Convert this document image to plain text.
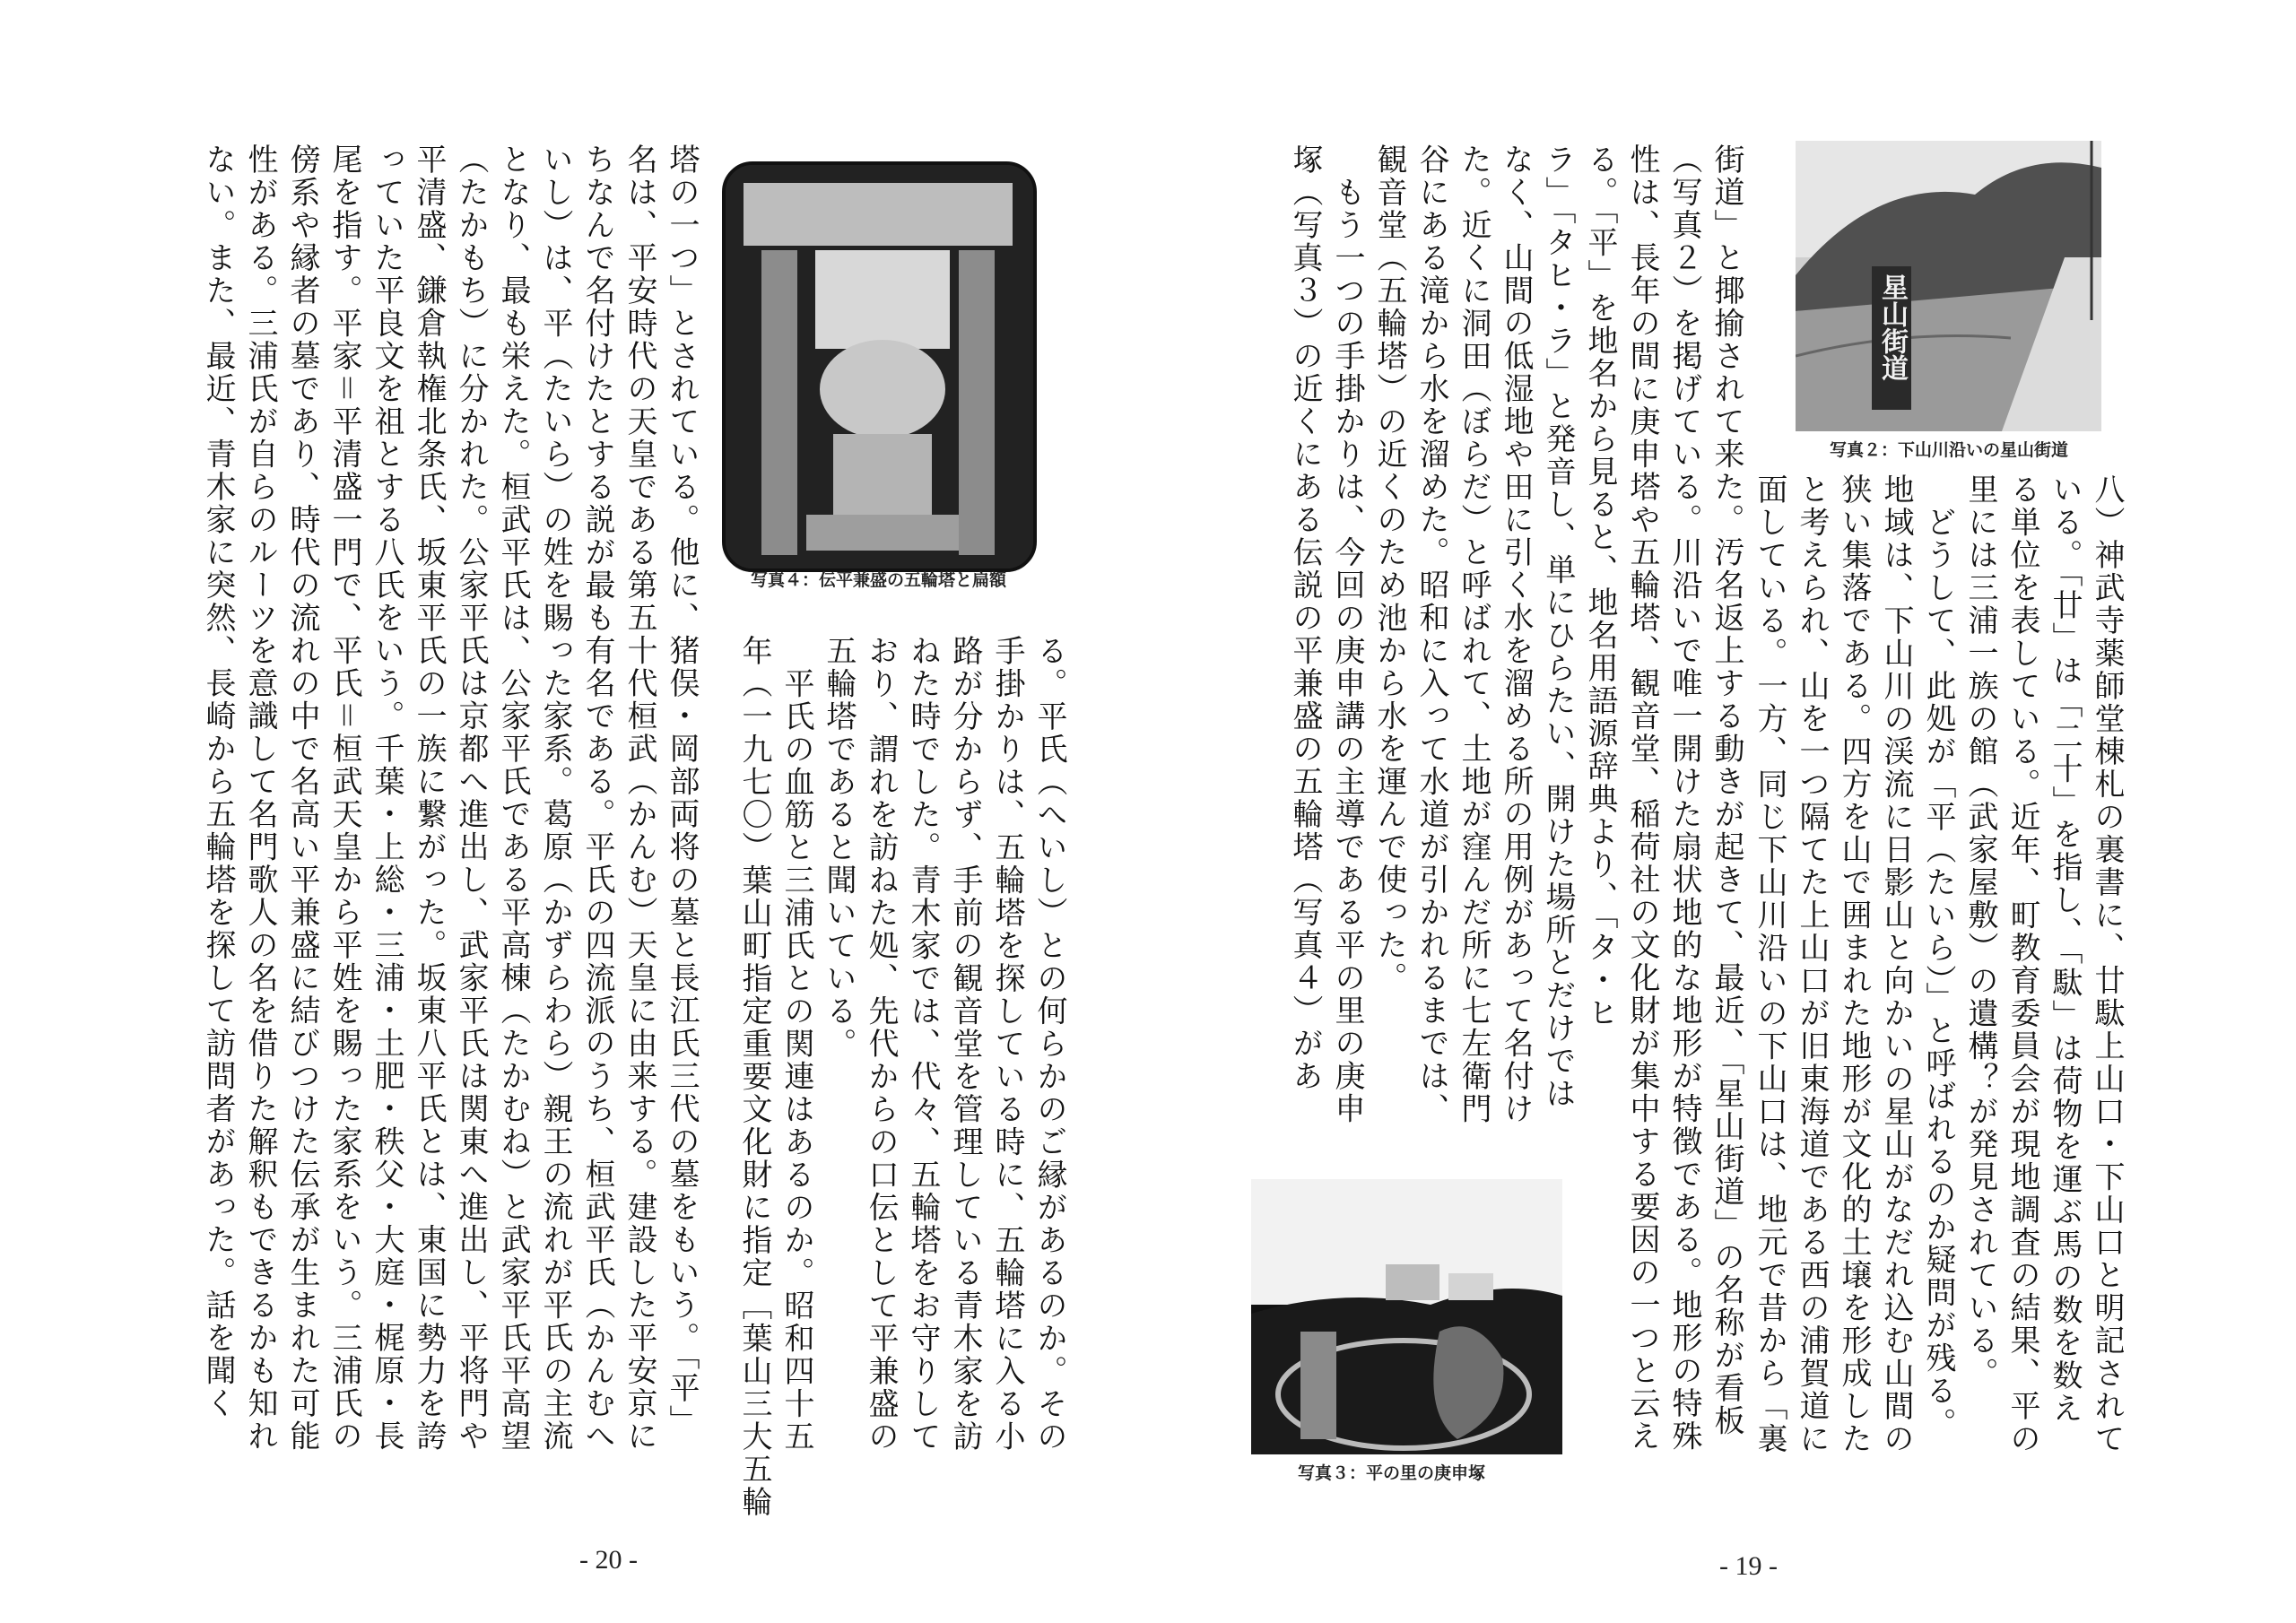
星山街道
写真２：下山川沿いの星山街道
街道」と揶揄されて来た。汚名返上する動きが起きて、最近、「星山街道」の名称が看板
（写真２）を掲げている。川沿いで唯一開けた扇状地的な地形が特徴である。地形の特殊
性は、長年の間に庚申塔や五輪塔、観音堂、稲荷社の文化財が集中する要因の一つと云え
る。「平」を地名から見ると、地名用語源辞典より、「タ・ヒ
ラ」「タヒ・ラ」と発音し、単にひらたい、開けた場所とだけでは
なく、山間の低湿地や田に引く水を溜める所の用例があって名付け
た。近くに洞田（ぼらだ）と呼ばれて、土地が窪んだ所に七左衛門
谷にある滝から水を溜めた。昭和に入って水道が引かれるまでは、
観音堂（五輪塔）の近くのため池から水を運んで使った。
　もう一つの手掛かりは、今回の庚申講の主導である平の里の庚申
塚（写真３）の近くにある伝説の平兼盛の五輪塔（写真４）があ	八）神武寺薬師堂棟札の裏書に、廿駄上山口・下山口と明記されて
いる。「廿」は「二十」を指し、「駄」は荷物を運ぶ馬の数を数え
る単位を表している。近年、町教育委員会が現地調査の結果、平の
里には三浦一族の館（武家屋敷）の遺構？が発見されている。
　どうして、此処が「平（たいら）」と呼ばれるのか疑問が残る。
地域は、下山川の渓流に日影山と向かいの星山がなだれ込む山間の
狭い集落である。四方を山で囲まれた地形が文化的土壌を形成した
と考えられ、山を一つ隔てた上山口が旧東海道である西の浦賀道に
面している。一方、同じ下山川沿いの下山口は、地元で昔から「裏
写真３：平の里の庚申塚
- 19 -
写真４：伝平兼盛の五輪塔と扁額
塔の一つ」とされている。他に、猪俣・岡部両将の墓と長江氏三代の墓をもいう。「平」
名は、平安時代の天皇である第五十代桓武（かんむ）天皇に由来する。建設した平安京に
ちなんで名付けたとする説が最も有名である。平氏の四流派のうち、桓武平氏（かんむへ
いし）は、平（たいら）の姓を賜った家系。葛原（かずらわら）親王の流れが平氏の主流
となり、最も栄えた。桓武平氏は、公家平氏である平高棟（たかむね）と武家平氏平高望
（たかもち）に分かれた。公家平氏は京都へ進出し、武家平氏は関東へ進出し、平将門や
平清盛、鎌倉執権北条氏、坂東平氏の一族に繋がった。坂東八平氏とは、東国に勢力を誇
っていた平良文を祖とする八氏をいう。千葉・上総・三浦・土肥・秩父・大庭・梶原・長
尾を指す。平家＝平清盛一門で、平氏＝桓武天皇から平姓を賜った家系をいう。三浦氏の
傍系や縁者の墓であり、時代の流れの中で名高い平兼盛に結びつけた伝承が生まれた可能
性がある。三浦氏が自らのルーツを意識して名門歌人の名を借りた解釈もできるかも知れ
ない。また、最近、青木家に突然、長崎から五輪塔を探して訪問者があった。話を聞く	る。平氏（へいし）との何らかのご縁があるのか。その
手掛かりは、五輪塔を探している時に、五輪塔に入る小
路が分からず、手前の観音堂を管理している青木家を訪
ねた時でした。青木家では、代々、五輪塔をお守りして
おり、謂れを訪ねた処、先代からの口伝として平兼盛の
五輪塔であると聞いている。
　平氏の血筋と三浦氏との関連はあるのか。昭和四十五
年（一九七〇）葉山町指定重要文化財に指定［葉山三大五輪
- 20 -
